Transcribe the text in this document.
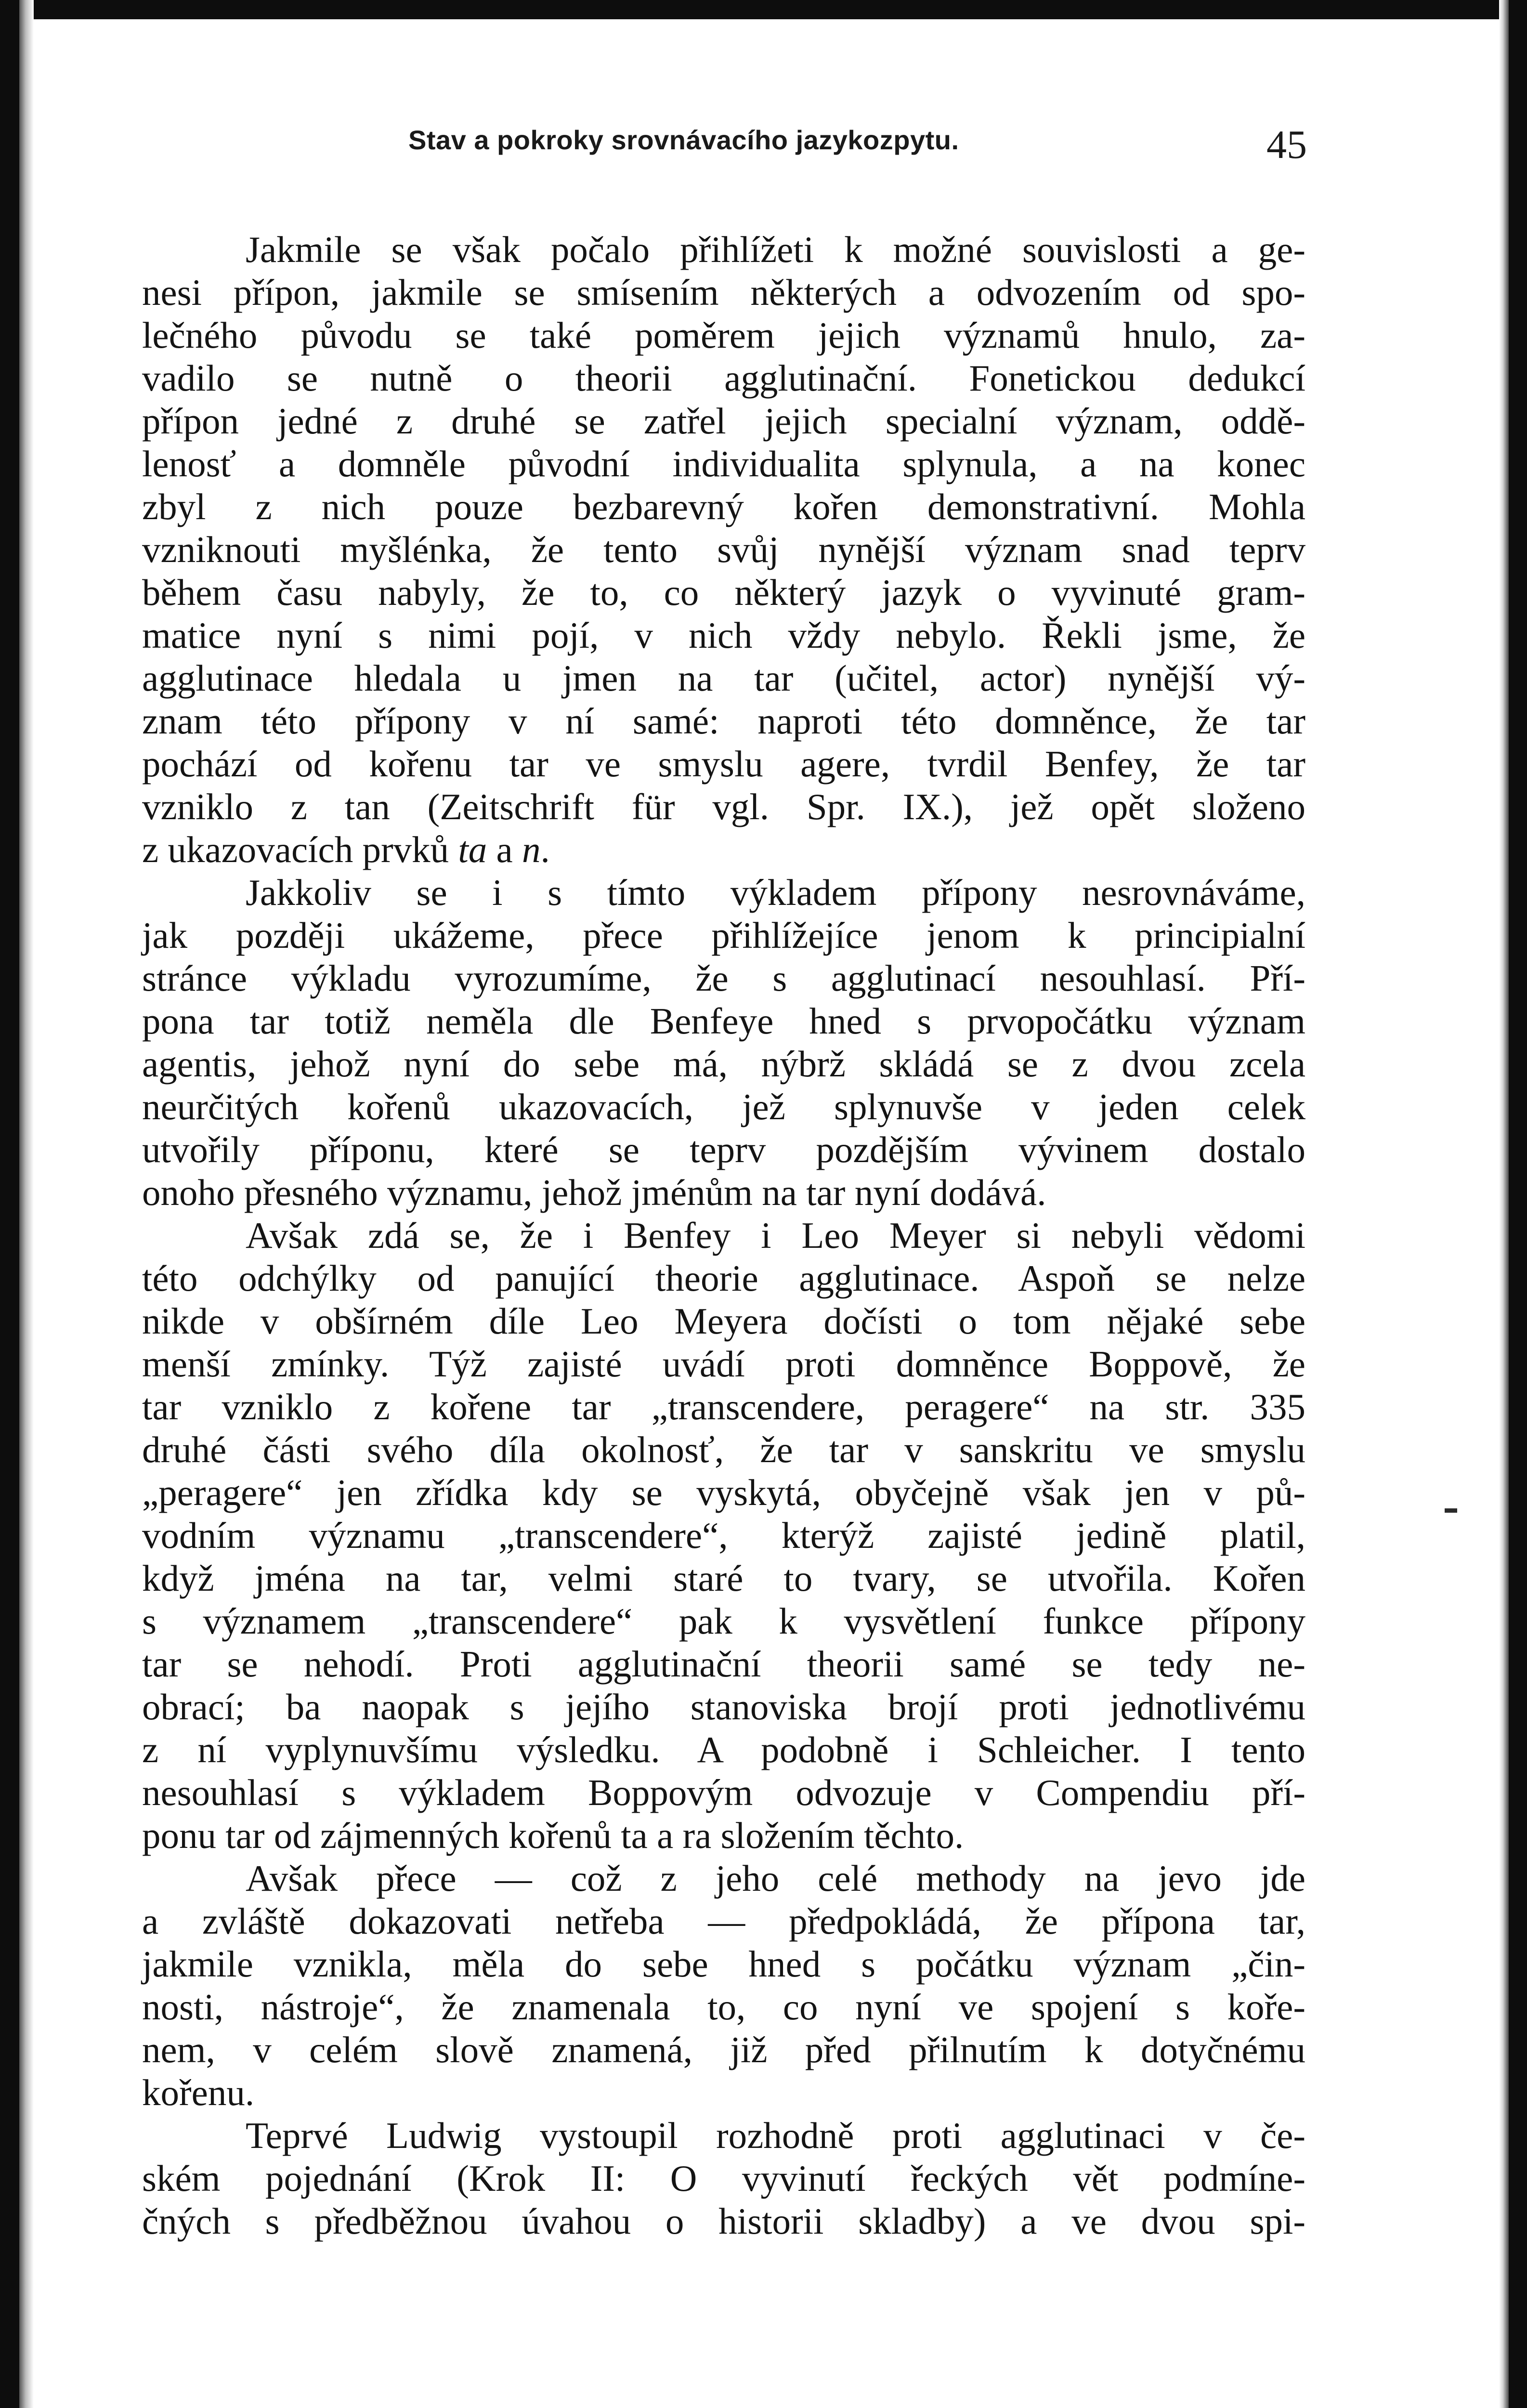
Stav a pokroky srovnávacího jazykozpytu.	45
Jakmile se však počalo přihlížeti k možné souvislosti a ge-
nesi přípon, jakmile se smísením některých a odvozením od spo-
lečného původu se také poměrem jejich významů hnulo, za-
vadilo se nutně o theorii agglutinační. Fonetickou dedukcí
přípon jedné z druhé se zatřel jejich specialní význam, oddě-
lenosť a domněle původní individualita splynula, a na konec
zbyl z nich pouze bezbarevný kořen demonstrativní. Mohla
vzniknouti myšlénka, že tento svůj nynější význam snad teprv
během času nabyly, že to, co některý jazyk o vyvinuté gram-
matice nyní s nimi pojí, v nich vždy nebylo. Řekli jsme, že
agglutinace hledala u jmen na tar (učitel, actor) nynější vý-
znam této přípony v ní samé: naproti této domněnce, že tar
pochází od kořenu tar ve smyslu agere, tvrdil Benfey, že tar
vzniklo z tan (Zeitschrift für vgl. Spr. IX.), jež opět složeno
z ukazovacích prvků ta a n.
Jakkoliv se i s tímto výkladem přípony nesrovnáváme,
jak později ukážeme, přece přihlížejíce jenom k principialní
stránce výkladu vyrozumíme, že s agglutinací nesouhlasí. Pří-
pona tar totiž neměla dle Benfeye hned s prvopočátku význam
agentis, jehož nyní do sebe má, nýbrž skládá se z dvou zcela
neurčitých kořenů ukazovacích, jež splynuvše v jeden celek
utvořily příponu, které se teprv pozdějším vývinem dostalo
onoho přesného významu, jehož jménům na tar nyní dodává.
Avšak zdá se, že i Benfey i Leo Meyer si nebyli vědomi
této odchýlky od panující theorie agglutinace. Aspoň se nelze
nikde v obšírném díle Leo Meyera dočísti o tom nějaké sebe
menší zmínky. Týž zajisté uvádí proti domněnce Boppově, že
tar vzniklo z kořene tar „transcendere, peragere“ na str. 335
druhé části svého díla okolnosť, že tar v sanskritu ve smyslu
„peragere“ jen zřídka kdy se vyskytá, obyčejně však jen v pů-
vodním významu „transcendere“, kterýž zajisté jedině platil,
když jména na tar, velmi staré to tvary, se utvořila. Kořen
s významem „transcendere“ pak k vysvětlení funkce přípony
tar se nehodí. Proti agglutinační theorii samé se tedy ne-
obrací; ba naopak s jejího stanoviska brojí proti jednotlivému
z ní vyplynuvšímu výsledku. A podobně i Schleicher. I tento
nesouhlasí s výkladem Boppovým odvozuje v Compendiu pří-
ponu tar od zájmenných kořenů ta a ra složením těchto.
Avšak přece — což z jeho celé methody na jevo jde
a zvláště dokazovati netřeba — předpokládá, že přípona tar,
jakmile vznikla, měla do sebe hned s počátku význam „čin-
nosti, nástroje“, že znamenala to, co nyní ve spojení s koře-
nem, v celém slově znamená, již před přilnutím k dotyčnému
kořenu.
Teprvé Ludwig vystoupil rozhodně proti agglutinaci v če-
ském pojednání (Krok II: O vyvinutí řeckých vět podmíne-
čných s předběžnou úvahou o historii skladby) a ve dvou spi-
